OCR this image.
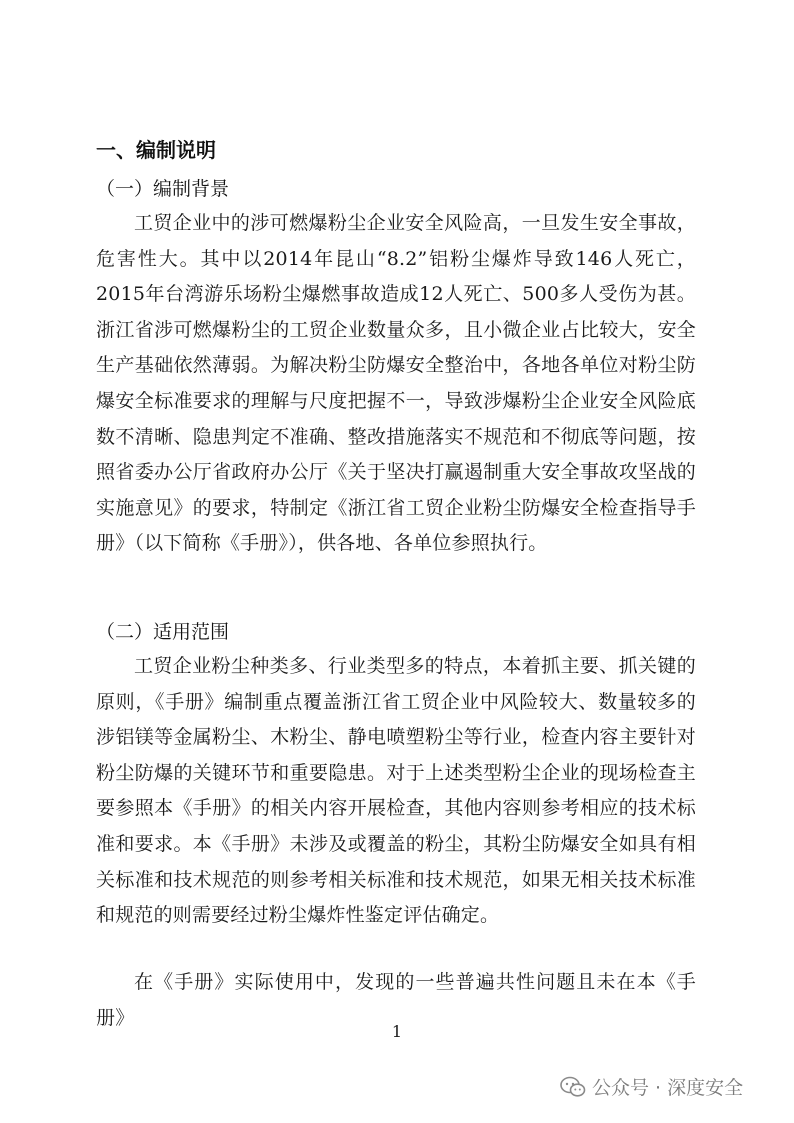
一、编制说明
（一）编制背景
工贸企业中的涉可燃爆粉尘企业安全风险高，一旦发生安全事故，危害性大。其中以2014年昆山“8.2”铝粉尘爆炸导致146人死亡，2015年台湾游乐场粉尘爆燃事故造成12人死亡、500多人受伤为甚。浙江省涉可燃爆粉尘的工贸企业数量众多，且小微企业占比较大，安全生产基础依然薄弱。为解决粉尘防爆安全整治中，各地各单位对粉尘防爆安全标准要求的理解与尺度把握不一，导致涉爆粉尘企业安全风险底数不清晰、隐患判定不准确、整改措施落实不规范和不彻底等问题，按照省委办公厅省政府办公厅《关于坚决打赢遏制重大安全事故攻坚战的实施意见》的要求，特制定《浙江省工贸企业粉尘防爆安全检查指导手册》（以下简称《手册》），供各地、各单位参照执行。
（二）适用范围
工贸企业粉尘种类多、行业类型多的特点，本着抓主要、抓关键的原则，《手册》编制重点覆盖浙江省工贸企业中风险较大、数量较多的涉铝镁等金属粉尘、木粉尘、静电喷塑粉尘等行业，检查内容主要针对粉尘防爆的关键环节和重要隐患。对于上述类型粉尘企业的现场检查主要参照本《手册》的相关内容开展检查，其他内容则参考相应的技术标准和要求。本《手册》未涉及或覆盖的粉尘，其粉尘防爆安全如具有相关标准和技术规范的则参考相关标准和技术规范，如果无相关技术标准和规范的则需要经过粉尘爆炸性鉴定评估确定。
在《手册》实际使用中，发现的一些普遍共性问题且未在本《手册》
1
公众号 · 深度安全
